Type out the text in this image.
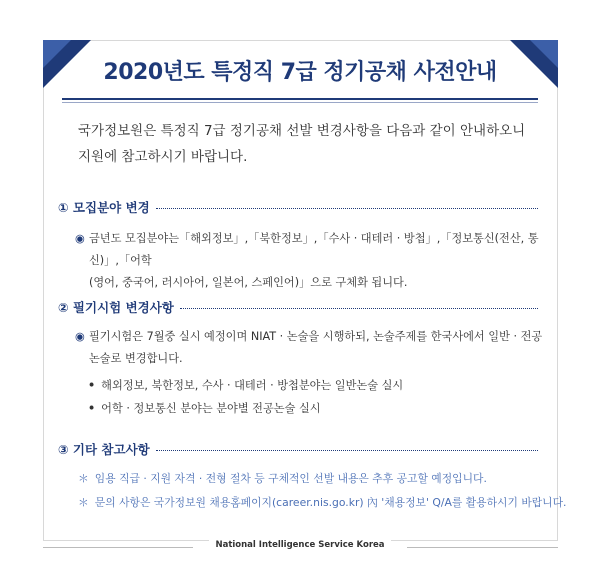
2020년도 특정직 7급 정기공채 사전안내
국가정보원은 특정직 7급 정기공채 선발 변경사항을 다음과 같이 안내하오니
지원에 참고하시기 바랍니다.
① 모집분야 변경
◉ 금년도 모집분야는「해외정보」,「북한정보」,「수사 · 대테러 · 방첩」,「정보통신(전산, 통신)」,「어학
(영어, 중국어, 러시아어, 일본어, 스페인어)」으로 구체화 됩니다.
② 필기시험 변경사항
◉ 필기시험은 7월중 실시 예정이며 NIAT · 논술을 시행하되, 논술주제를 한국사에서 일반 · 전공
논술로 변경합니다.
• 해외정보, 북한정보, 수사 · 대테러 · 방첩분야는 일반논술 실시
• 어학 · 정보통신 분야는 분야별 전공논술 실시
③ 기타 참고사항
＊ 임용 직급 · 지원 자격 · 전형 절차 등 구체적인 선발 내용은 추후 공고할 예정입니다.
＊ 문의 사항은 국가정보원 채용홈페이지(career.nis.go.kr) 內 '채용정보' Q/A를 활용하시기 바랍니다.
National Intelligence Service Korea
